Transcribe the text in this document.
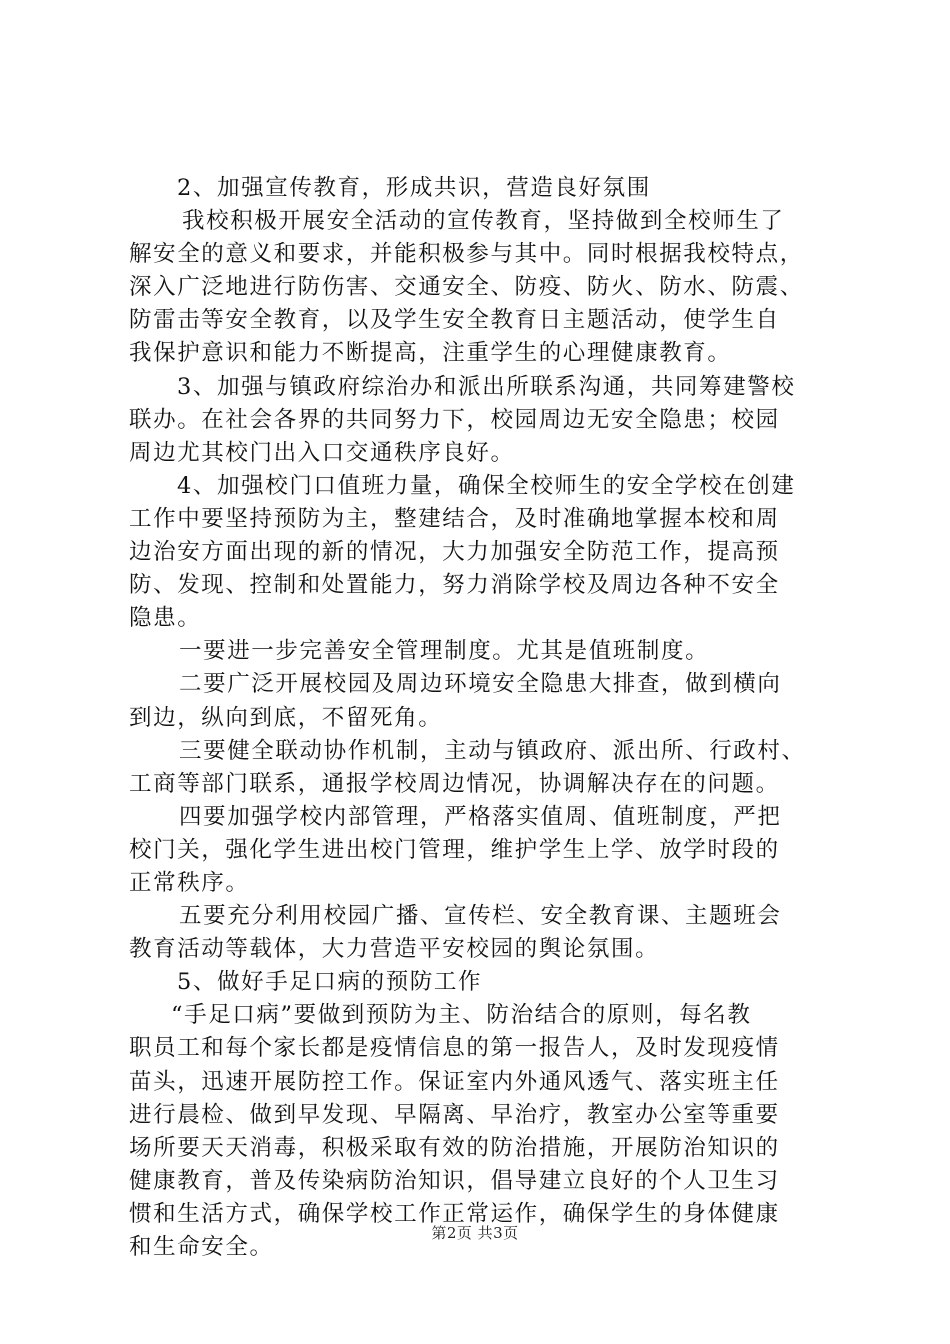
2、加强宣传教育，形成共识，营造良好氛围
我校积极开展安全活动的宣传教育，坚持做到全校师生了
解安全的意义和要求，并能积极参与其中。同时根据我校特点，
深入广泛地进行防伤害、交通安全、防疫、防火、防水、防震、
防雷击等安全教育，以及学生安全教育日主题活动，使学生自
我保护意识和能力不断提高，注重学生的心理健康教育。
3、加强与镇政府综治办和派出所联系沟通，共同筹建警校
联办。在社会各界的共同努力下，校园周边无安全隐患；校园
周边尤其校门出入口交通秩序良好。
4、加强校门口值班力量，确保全校师生的安全学校在创建
工作中要坚持预防为主，整建结合，及时准确地掌握本校和周
边治安方面出现的新的情况，大力加强安全防范工作，提高预
防、发现、控制和处置能力，努力消除学校及周边各种不安全
隐患。
一要进一步完善安全管理制度。尤其是值班制度。
二要广泛开展校园及周边环境安全隐患大排查，做到横向
到边，纵向到底，不留死角。
三要健全联动协作机制，主动与镇政府、派出所、行政村、
工商等部门联系，通报学校周边情况，协调解决存在的问题。
四要加强学校内部管理，严格落实值周、值班制度，严把
校门关，强化学生进出校门管理，维护学生上学、放学时段的
正常秩序。
五要充分利用校园广播、宣传栏、安全教育课、主题班会
教育活动等载体，大力营造平安校园的舆论氛围。
5、做好手足口病的预防工作
“手足口病”要做到预防为主、防治结合的原则，每名教
职员工和每个家长都是疫情信息的第一报告人，及时发现疫情
苗头，迅速开展防控工作。保证室内外通风透气、落实班主任
进行晨检、做到早发现、早隔离、早治疗，教室办公室等重要
场所要天天消毒，积极采取有效的防治措施，开展防治知识的
健康教育，普及传染病防治知识，倡导建立良好的个人卫生习
惯和生活方式，确保学校工作正常运作，确保学生的身体健康
和生命安全。
第2页 共3页
